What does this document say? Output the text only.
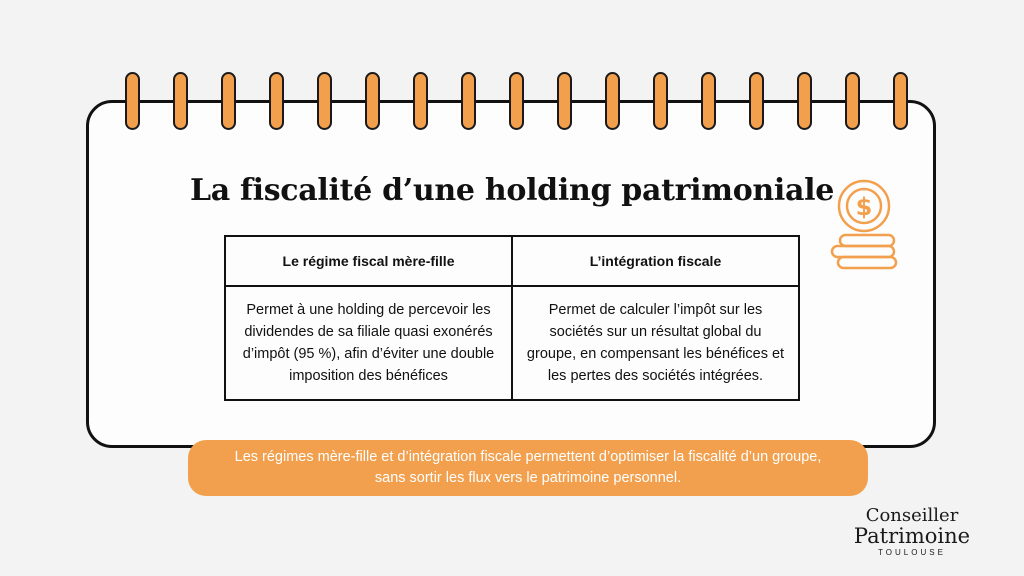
La fiscalité d’une holding patrimoniale $
Le régime fiscal mère-fille	L’intégration fiscale
Permet à une holding de percevoir les dividendes de sa filiale quasi exonérés d’impôt (95 %), afin d’éviter une double imposition des bénéfices	Permet de calculer l’impôt sur les sociétés sur un résultat global du groupe, en compensant les bénéfices et les pertes des sociétés intégrées.
Les régimes mère-fille et d’intégration fiscale permettent d’optimiser la fiscalité d’un groupe, sans sortir les flux vers le patrimoine personnel.
Conseiller
Patrimoine
TOULOUSE
